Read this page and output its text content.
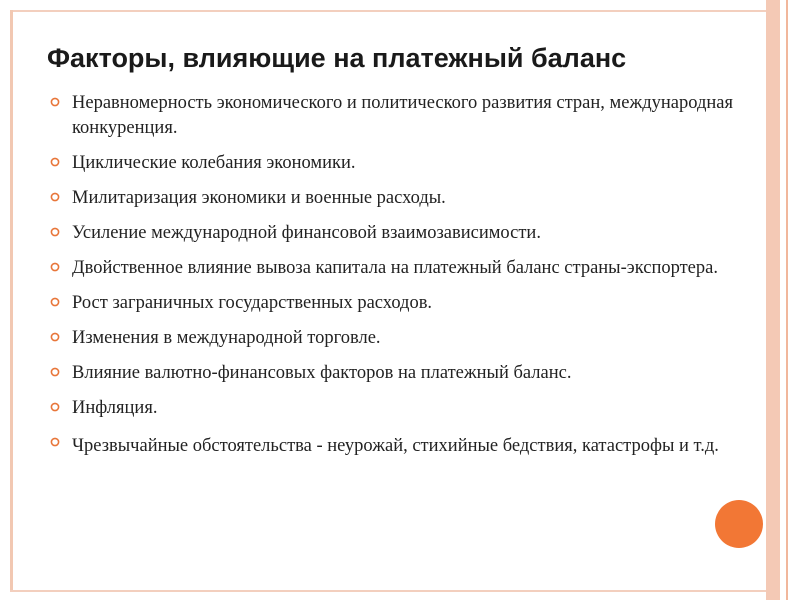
Факторы, влияющие на платежный баланс
Неравномерность экономического и политического развития стран, международная конкуренция.
Циклические колебания экономики.
Милитаризация экономики и военные расходы.
Усиление международной финансовой взаимозависимости.
Двойственное влияние вывоза капитала на платежный баланс страны-экспортера.
Рост заграничных государственных расходов.
Изменения в международной торговле.
Влияние валютно-финансовых факторов на платежный баланс.
Инфляция.
Чрезвычайные обстоятельства - неурожай, стихийные бедствия, катастрофы и т.д.
